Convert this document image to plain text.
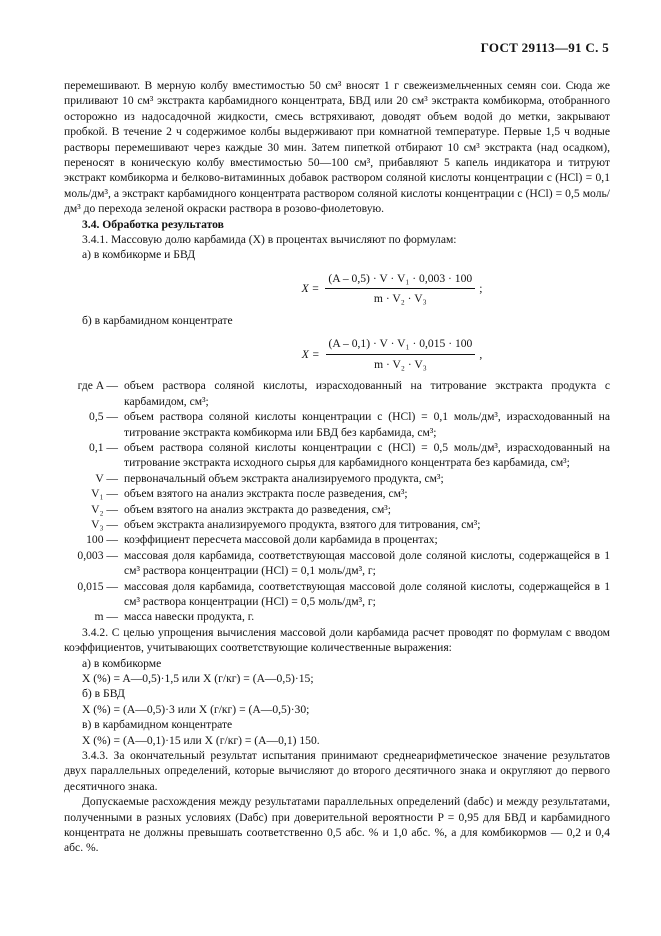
ГОСТ 29113—91 С. 5

перемешивают. В мерную колбу вместимостью 50 см³ вносят 1 г свежеизмельченных семян сои. Сюда же приливают 10 см³ экстракта карбамидного концентрата, БВД или 20 см³ экстракта комбикорма, отобранного осторожно из надосадочной жидкости, смесь встряхивают, доводят объем водой до метки, закрывают пробкой. В течение 2 ч содержимое колбы выдерживают при комнатной температуре. Первые 1,5 ч водные растворы перемешивают через каждые 30 мин. Затем пипеткой отбирают 10 см³ экстракта (над осадком), переносят в коническую колбу вместимостью 50—100 см³, прибавляют 5 капель индикатора и титруют экстракт комбикорма и белково-витаминных добавок раствором соляной кислоты концентрации c (HCl) = 0,1 моль/дм³, а экстракт карбамидного концентрата раствором соляной кислоты концентрации c (HCl) = 0,5 моль/дм³ до перехода зеленой окраски раствора в розово-фиолетовую.

3.4. Обработка результатов

3.4.1. Массовую долю карбамида (X) в процентах вычисляют по формулам:

а) в комбикорме и БВД

$X = \frac{\text{(A – 0,5) · V · V₁ · 0,003 · 100}}{\text{m · V₂ · V₃}}$ ;

б) в карбамидном концентрате

$X = \frac{\text{(A – 0,1) · V · V₁ · 0,015 · 100}}{\text{m · V₂ · V₃}}$ ,
где A — объем раствора соляной кислоты, израсходованный на титрование экстракта продукта с карбамидом, см³;
0,5 — объем раствора соляной кислоты концентрации c (HCl) = 0,1 моль/дм³, израсходованный на титрование экстракта комбикорма или БВД без карбамида, см³;
0,1 — объем раствора соляной кислоты концентрации c (HCl) = 0,5 моль/дм³, израсходованный на титрование экстракта исходного сырья для карбамидного концентрата без карбамида, см³;
V — первоначальный объем экстракта анализируемого продукта, см³;
V₁ — объем взятого на анализ экстракта после разведения, см³;
V₂ — объем взятого на анализ экстракта до разведения, см³;
V₃ — объем экстракта анализируемого продукта, взятого для титрования, см³;
100 — коэффициент пересчета массовой доли карбамида в процентах;
0,003 — массовая доля карбамида, соответствующая массовой доле соляной кислоты, содержащейся в 1 см³ раствора концентрации (HCl) = 0,1 моль/дм³, г;
0,015 — массовая доля карбамида, соответствующая массовой доле соляной кислоты, содержащейся в 1 см³ раствора концентрации (HCl) = 0,5 моль/дм³, г;
m — масса навески продукта, г.

3.4.2. С целью упрощения вычисления массовой доли карбамида расчет проводят по формулам с вводом коэффициентов, учитывающих соответствующие количественные выражения:

а) в комбикорме

X (%) = A—0,5)·1,5 или X (г/кг) = (A—0,5)·15;

б) в БВД

X (%) = (A—0,5)·3 или X (г/кг) = (A—0,5)·30;

в) в карбамидном концентрате

X (%) = (A—0,1)·15 или X (г/кг) = (A—0,1) 150.

3.4.3. За окончательный результат испытания принимают среднеарифметическое значение результатов двух параллельных определений, которые вычисляют до второго десятичного знака и округляют до первого десятичного знака.

Допускаемые расхождения между результатами параллельных определений (dабс) и между результатами, полученными в разных условиях (Dабс) при доверительной вероятности P = 0,95 для БВД и карбамидного концентрата не должны превышать соответственно 0,5 абс. % и 1,0 абс. %, а для комбикормов — 0,2 и 0,4 абс. %.
